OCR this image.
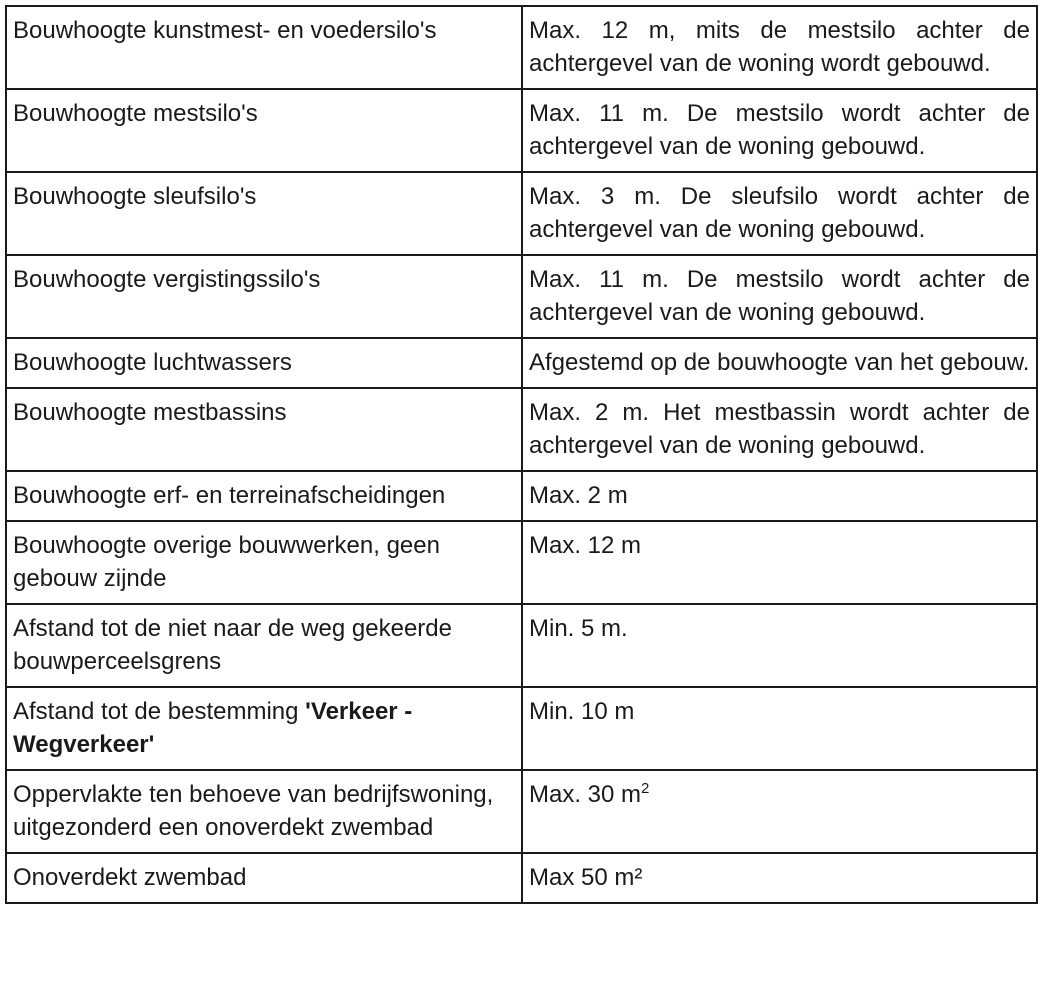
Bouwhoogte kunstmest- en voedersilo's	Max. 12 m, mits de mestsilo achter de achtergevel van de woning wordt gebouwd.
Bouwhoogte mestsilo's	Max. 11 m. De mestsilo wordt achter de achtergevel van de woning gebouwd.
Bouwhoogte sleufsilo's	Max. 3 m. De sleufsilo wordt achter de achtergevel van de woning gebouwd.
Bouwhoogte vergistingssilo's	Max. 11 m. De mestsilo wordt achter de achtergevel van de woning gebouwd.
Bouwhoogte luchtwassers	Afgestemd op de bouwhoogte van het gebouw.
Bouwhoogte mestbassins	Max. 2 m. Het mestbassin wordt achter de achtergevel van de woning gebouwd.
Bouwhoogte erf- en terreinafscheidingen	Max. 2 m
Bouwhoogte overige bouwwerken, geen gebouw zijnde	Max. 12 m
Afstand tot de niet naar de weg gekeerde bouwperceelsgrens	Min. 5 m.
Afstand tot de bestemming 'Verkeer - Wegverkeer'	Min. 10 m
Oppervlakte ten behoeve van bedrijfswoning, uitgezonderd een onoverdekt zwembad	Max. 30 $m^2$
Onoverdekt zwembad	Max 50 m²
